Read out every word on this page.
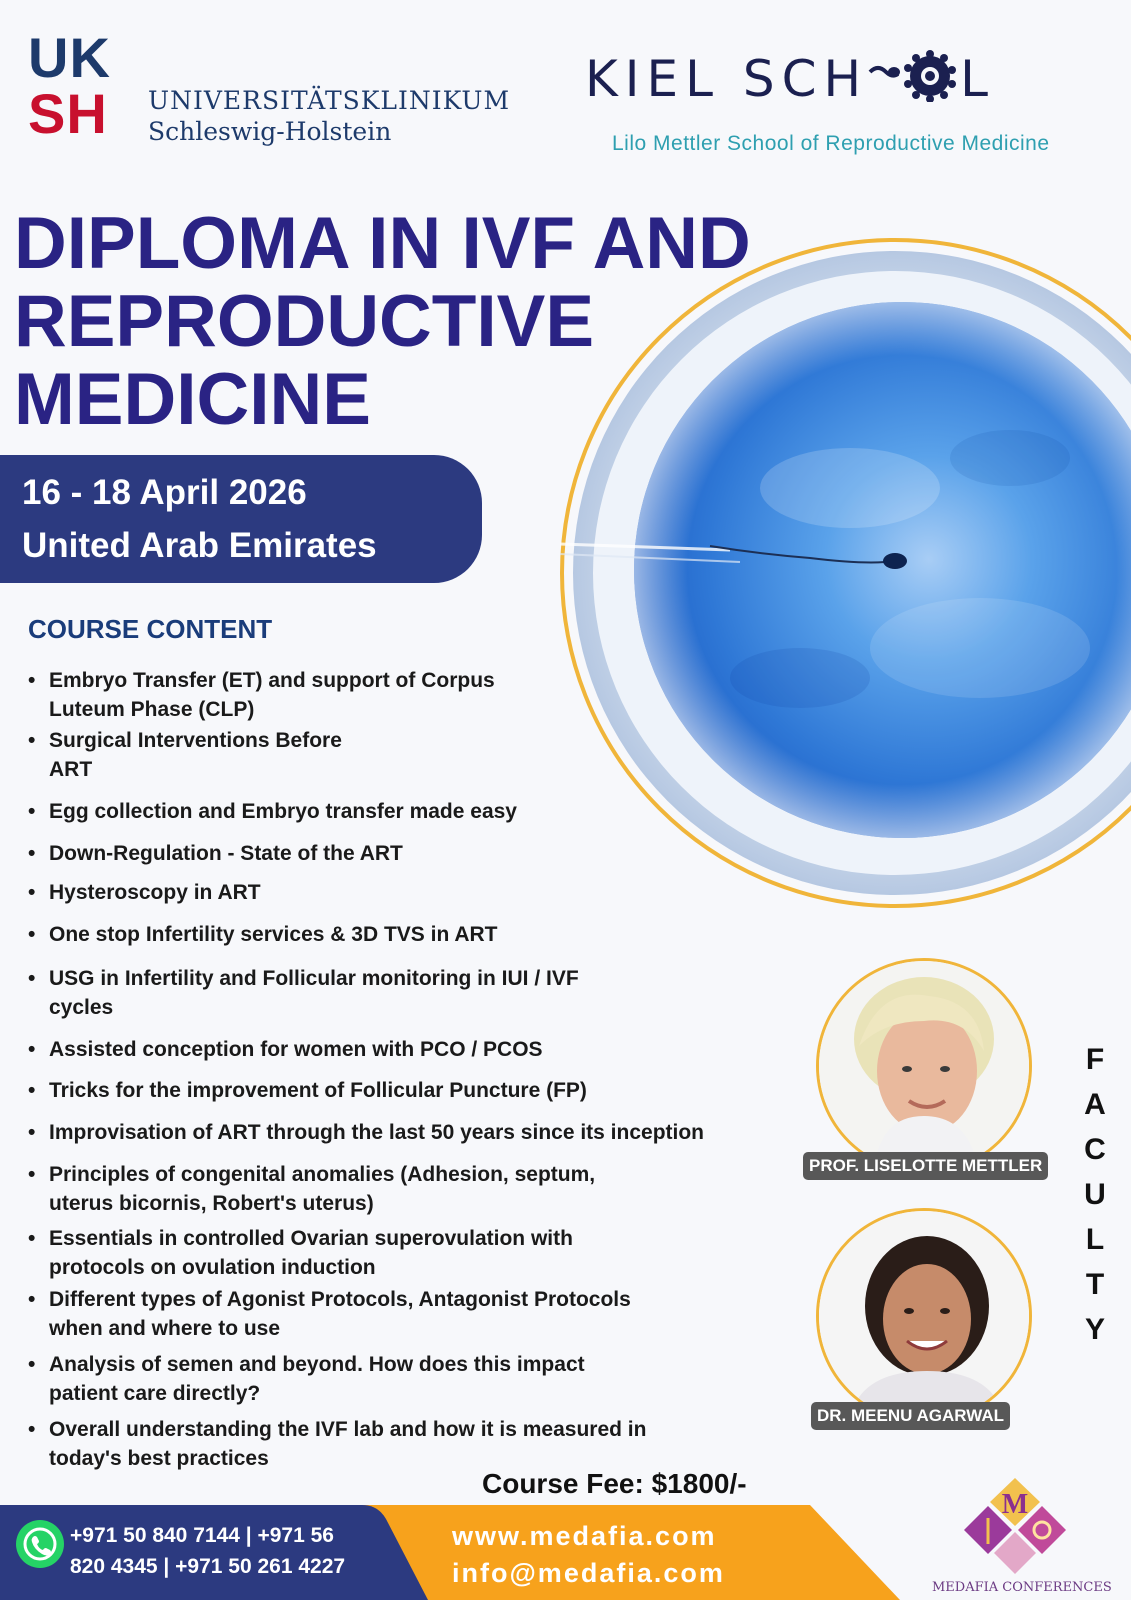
UK
SH	UNIVERSITÄTSKLINIKUM
Schleswig-Holstein
KIEL SCH L
Lilo Mettler School of Reproductive Medicine
DIPLOMA IN IVF AND
REPRODUCTIVE
MEDICINE
16 - 18 April 2026
United Arab Emirates
COURSE CONTENT
• Embryo Transfer (ET) and support of Corpus
Luteum Phase (CLP)
• Surgical Interventions Before
ART
• Egg collection and Embryo transfer made easy
• Down-Regulation - State of the ART
• Hysteroscopy in ART
• One stop Infertility services & 3D TVS in ART
• USG in Infertility and Follicular monitoring in IUI / IVF
cycles
• Assisted conception for women with PCO / PCOS
• Tricks for the improvement of Follicular Puncture (FP)
• Improvisation of ART through the last 50 years since its inception
• Principles of congenital anomalies (Adhesion, septum,
uterus bicornis, Robert's uterus)
• Essentials in controlled Ovarian superovulation with
protocols on ovulation induction
• Different types of Agonist Protocols, Antagonist Protocols
when and where to use
• Analysis of semen and beyond. How does this impact
patient care directly?
• Overall understanding the IVF lab and how it is measured in
today's best practices
PROF. LISELOTTE METTLER
DR. MEENU AGARWAL
F
A
C
U
L
T
Y
Course Fee: $1800/-
+971 50 840 7144 | +971 56
820 4345 | +971 50 261 4227
www.medafia.com
info@medafia.com
M
MEDAFIA CONFERENCES
